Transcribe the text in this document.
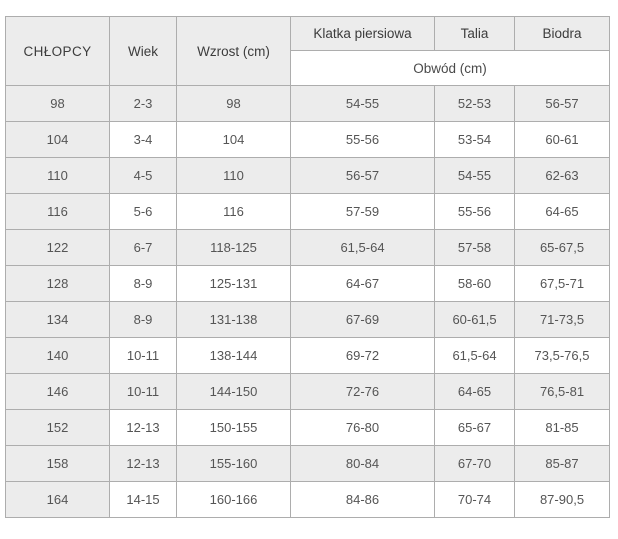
CHŁOPCY	Wiek	Wzrost (cm)	Klatka piersiowa	Talia	Biodra
			Obwód (cm)		
98	2-3	98	54-55	52-53	56-57
104	3-4	104	55-56	53-54	60-61
110	4-5	110	56-57	54-55	62-63
116	5-6	116	57-59	55-56	64-65
122	6-7	118-125	61,5-64	57-58	65-67,5
128	8-9	125-131	64-67	58-60	67,5-71
134	8-9	131-138	67-69	60-61,5	71-73,5
140	10-11	138-144	69-72	61,5-64	73,5-76,5
146	10-11	144-150	72-76	64-65	76,5-81
152	12-13	150-155	76-80	65-67	81-85
158	12-13	155-160	80-84	67-70	85-87
164	14-15	160-166	84-86	70-74	87-90,5
